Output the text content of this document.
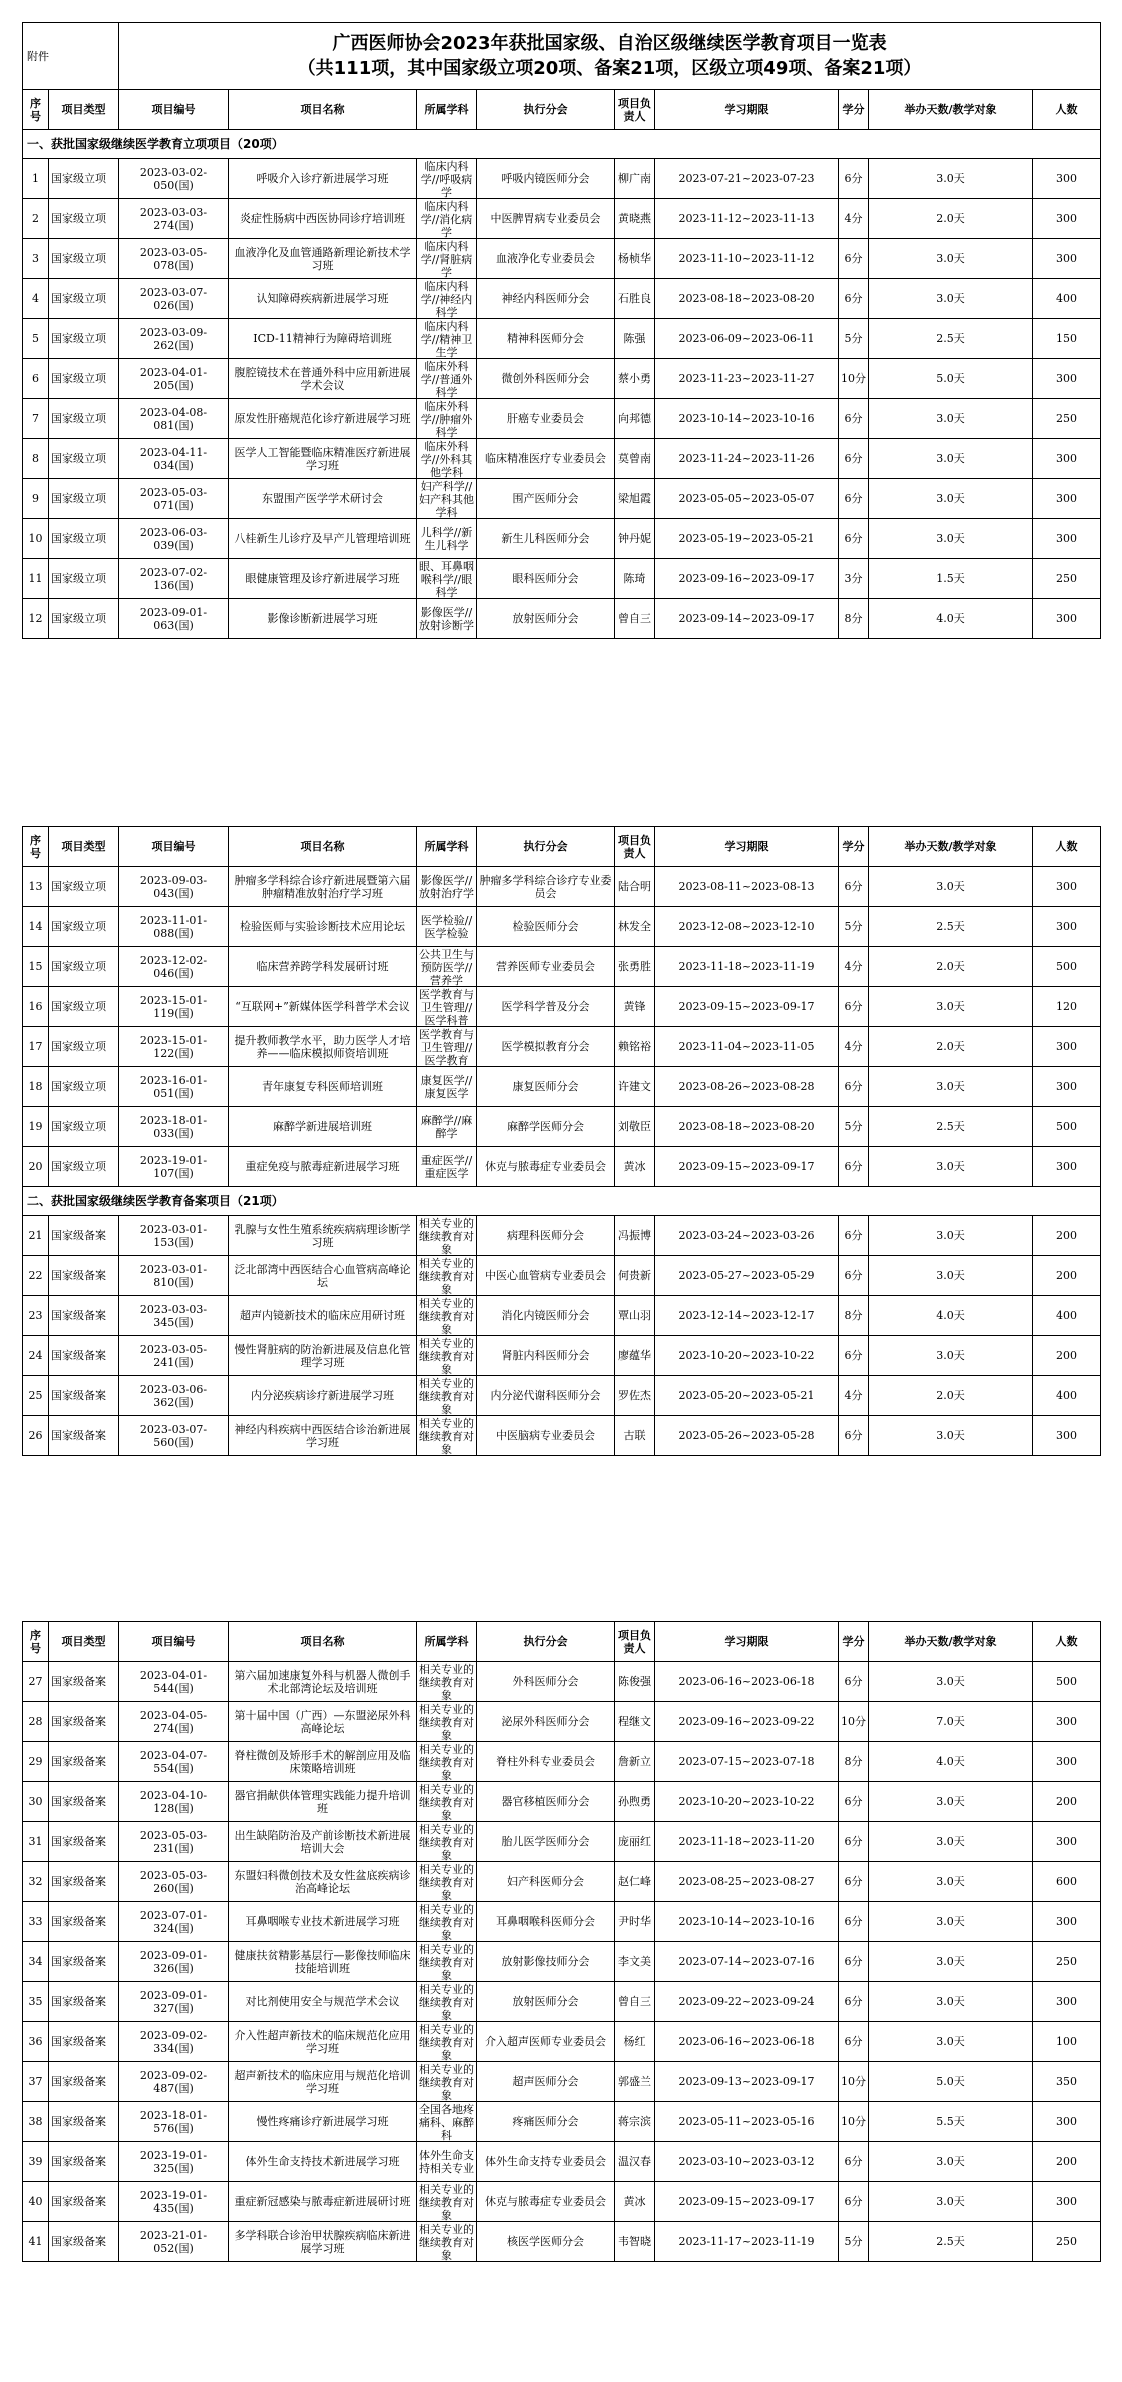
附件		广西医师协会2023年获批国家级、自治区级继续医学教育项目一览表
（共111项，其中国家级立项20项、备案21项，区级立项49项、备案21项）								

序号	项目类型	项目编号	项目名称	所属学科	执行分会	项目负责人	学习期限	学分	举办天数/教学对象	人数
一、获批国家级继续医学教育立项项目（20项）										

1	国家级立项	2023-03-02-050(国)	呼吸介入诊疗新进展学习班	临床内科学//呼吸病学	呼吸内镜医师分会	柳广南	2023-07-21~2023-07-23	6分	3.0天	300

2	国家级立项	2023-03-03-274(国)	炎症性肠病中西医协同诊疗培训班	临床内科学//消化病学	中医脾胃病专业委员会	黄晓燕	2023-11-12~2023-11-13	4分	2.0天	300

3	国家级立项	2023-03-05-078(国)	血液净化及血管通路新理论新技术学习班	临床内科学//肾脏病学	血液净化专业委员会	杨桢华	2023-11-10~2023-11-12	6分	3.0天	300

4	国家级立项	2023-03-07-026(国)	认知障碍疾病新进展学习班	临床内科学//神经内科学	神经内科医师分会	石胜良	2023-08-18~2023-08-20	6分	3.0天	400

5	国家级立项	2023-03-09-262(国)	ICD-11精神行为障碍培训班	临床内科学//精神卫生学	精神科医师分会	陈强	2023-06-09~2023-06-11	5分	2.5天	150

6	国家级立项	2023-04-01-205(国)	腹腔镜技术在普通外科中应用新进展学术会议	临床外科学//普通外科学	微创外科医师分会	蔡小勇	2023-11-23~2023-11-27	10分	5.0天	300

7	国家级立项	2023-04-08-081(国)	原发性肝癌规范化诊疗新进展学习班	临床外科学//肿瘤外科学	肝癌专业委员会	向邦德	2023-10-14~2023-10-16	6分	3.0天	250

8	国家级立项	2023-04-11-034(国)	医学人工智能暨临床精准医疗新进展学习班	临床外科学//外科其他学科	临床精准医疗专业委员会	莫曾南	2023-11-24~2023-11-26	6分	3.0天	300

9	国家级立项	2023-05-03-071(国)	东盟围产医学学术研讨会	妇产科学//妇产科其他学科	围产医师分会	梁旭霞	2023-05-05~2023-05-07	6分	3.0天	300

10	国家级立项	2023-06-03-039(国)	八桂新生儿诊疗及早产儿管理培训班	儿科学//新生儿科学	新生儿科医师分会	钟丹妮	2023-05-19~2023-05-21	6分	3.0天	300

11	国家级立项	2023-07-02-136(国)	眼健康管理及诊疗新进展学习班	眼、耳鼻咽喉科学//眼科学	眼科医师分会	陈琦	2023-09-16~2023-09-17	3分	1.5天	250

12	国家级立项	2023-09-01-063(国)	影像诊断新进展学习班	影像医学//放射诊断学	放射医师分会	曾自三	2023-09-14~2023-09-17	8分	4.0天	300
序号	项目类型	项目编号	项目名称	所属学科	执行分会	项目负责人	学习期限	学分	举办天数/教学对象	人数

13	国家级立项	2023-09-03-043(国)	肿瘤多学科综合诊疗新进展暨第六届肿瘤精准放射治疗学习班	影像医学//放射治疗学	肿瘤多学科综合诊疗专业委员会	陆合明	2023-08-11~2023-08-13	6分	3.0天	300

14	国家级立项	2023-11-01-088(国)	检验医师与实验诊断技术应用论坛	医学检验//医学检验	检验医师分会	林发全	2023-12-08~2023-12-10	5分	2.5天	300

15	国家级立项	2023-12-02-046(国)	临床营养跨学科发展研讨班	公共卫生与预防医学//营养学	营养医师专业委员会	张勇胜	2023-11-18~2023-11-19	4分	2.0天	500

16	国家级立项	2023-15-01-119(国)	“互联网+”新媒体医学科普学术会议	医学教育与卫生管理//医学科普	医学科学普及分会	黄锋	2023-09-15~2023-09-17	6分	3.0天	120

17	国家级立项	2023-15-01-122(国)	提升教师教学水平，助力医学人才培养——临床模拟师资培训班	医学教育与卫生管理//医学教育	医学模拟教育分会	赖铭裕	2023-11-04~2023-11-05	4分	2.0天	300

18	国家级立项	2023-16-01-051(国)	青年康复专科医师培训班	康复医学//康复医学	康复医师分会	许建文	2023-08-26~2023-08-28	6分	3.0天	300

19	国家级立项	2023-18-01-033(国)	麻醉学新进展培训班	麻醉学//麻醉学	麻醉学医师分会	刘敬臣	2023-08-18~2023-08-20	5分	2.5天	500

20	国家级立项	2023-19-01-107(国)	重症免疫与脓毒症新进展学习班	重症医学//重症医学	休克与脓毒症专业委员会	黄冰	2023-09-15~2023-09-17	6分	3.0天	300

二、获批国家级继续医学教育备案项目（21项）										

21	国家级备案	2023-03-01-153(国)	乳腺与女性生殖系统疾病病理诊断学习班	相关专业的继续教育对象	病理科医师分会	冯振博	2023-03-24~2023-03-26	6分	3.0天	200

22	国家级备案	2023-03-01-810(国)	泛北部湾中西医结合心血管病高峰论坛	相关专业的继续教育对象	中医心血管病专业委员会	何贵新	2023-05-27~2023-05-29	6分	3.0天	200

23	国家级备案	2023-03-03-345(国)	超声内镜新技术的临床应用研讨班	相关专业的继续教育对象	消化内镜医师分会	覃山羽	2023-12-14~2023-12-17	8分	4.0天	400

24	国家级备案	2023-03-05-241(国)	慢性肾脏病的防治新进展及信息化管理学习班	相关专业的继续教育对象	肾脏内科医师分会	廖蕴华	2023-10-20~2023-10-22	6分	3.0天	200

25	国家级备案	2023-03-06-362(国)	内分泌疾病诊疗新进展学习班	相关专业的继续教育对象	内分泌代谢科医师分会	罗佐杰	2023-05-20~2023-05-21	4分	2.0天	400

26	国家级备案	2023-03-07-560(国)	神经内科疾病中西医结合诊治新进展学习班	相关专业的继续教育对象	中医脑病专业委员会	古联	2023-05-26~2023-05-28	6分	3.0天	300
序号	项目类型	项目编号	项目名称	所属学科	执行分会	项目负责人	学习期限	学分	举办天数/教学对象	人数

27	国家级备案	2023-04-01-544(国)	第六届加速康复外科与机器人微创手术北部湾论坛及培训班	相关专业的继续教育对象	外科医师分会	陈俊强	2023-06-16~2023-06-18	6分	3.0天	500

28	国家级备案	2023-04-05-274(国)	第十届中国（广西）—东盟泌尿外科高峰论坛	相关专业的继续教育对象	泌尿外科医师分会	程继文	2023-09-16~2023-09-22	10分	7.0天	300

29	国家级备案	2023-04-07-554(国)	脊柱微创及矫形手术的解剖应用及临床策略培训班	相关专业的继续教育对象	脊柱外科专业委员会	詹新立	2023-07-15~2023-07-18	8分	4.0天	300

30	国家级备案	2023-04-10-128(国)	器官捐献供体管理实践能力提升培训班	相关专业的继续教育对象	器官移植医师分会	孙煦勇	2023-10-20~2023-10-22	6分	3.0天	200

31	国家级备案	2023-05-03-231(国)	出生缺陷防治及产前诊断技术新进展培训大会	相关专业的继续教育对象	胎儿医学医师分会	庞丽红	2023-11-18~2023-11-20	6分	3.0天	300

32	国家级备案	2023-05-03-260(国)	东盟妇科微创技术及女性盆底疾病诊治高峰论坛	相关专业的继续教育对象	妇产科医师分会	赵仁峰	2023-08-25~2023-08-27	6分	3.0天	600

33	国家级备案	2023-07-01-324(国)	耳鼻咽喉专业技术新进展学习班	相关专业的继续教育对象	耳鼻咽喉科医师分会	尹时华	2023-10-14~2023-10-16	6分	3.0天	300

34	国家级备案	2023-09-01-326(国)	健康扶贫精影基层行—影像技师临床技能培训班	相关专业的继续教育对象	放射影像技师分会	李文美	2023-07-14~2023-07-16	6分	3.0天	250

35	国家级备案	2023-09-01-327(国)	对比剂使用安全与规范学术会议	相关专业的继续教育对象	放射医师分会	曾自三	2023-09-22~2023-09-24	6分	3.0天	300

36	国家级备案	2023-09-02-334(国)	介入性超声新技术的临床规范化应用学习班	相关专业的继续教育对象	介入超声医师专业委员会	杨红	2023-06-16~2023-06-18	6分	3.0天	100

37	国家级备案	2023-09-02-487(国)	超声新技术的临床应用与规范化培训学习班	相关专业的继续教育对象	超声医师分会	郭盛兰	2023-09-13~2023-09-17	10分	5.0天	350

38	国家级备案	2023-18-01-576(国)	慢性疼痛诊疗新进展学习班	全国各地疼痛科、麻醉科	疼痛医师分会	蒋宗滨	2023-05-11~2023-05-16	10分	5.5天	300

39	国家级备案	2023-19-01-325(国)	体外生命支持技术新进展学习班	体外生命支持相关专业	体外生命支持专业委员会	温汉春	2023-03-10~2023-03-12	6分	3.0天	200

40	国家级备案	2023-19-01-435(国)	重症新冠感染与脓毒症新进展研讨班	相关专业的继续教育对象	休克与脓毒症专业委员会	黄冰	2023-09-15~2023-09-17	6分	3.0天	300

41	国家级备案	2023-21-01-052(国)	多学科联合诊治甲状腺疾病临床新进展学习班	相关专业的继续教育对象	核医学医师分会	韦智晓	2023-11-17~2023-11-19	5分	2.5天	250
